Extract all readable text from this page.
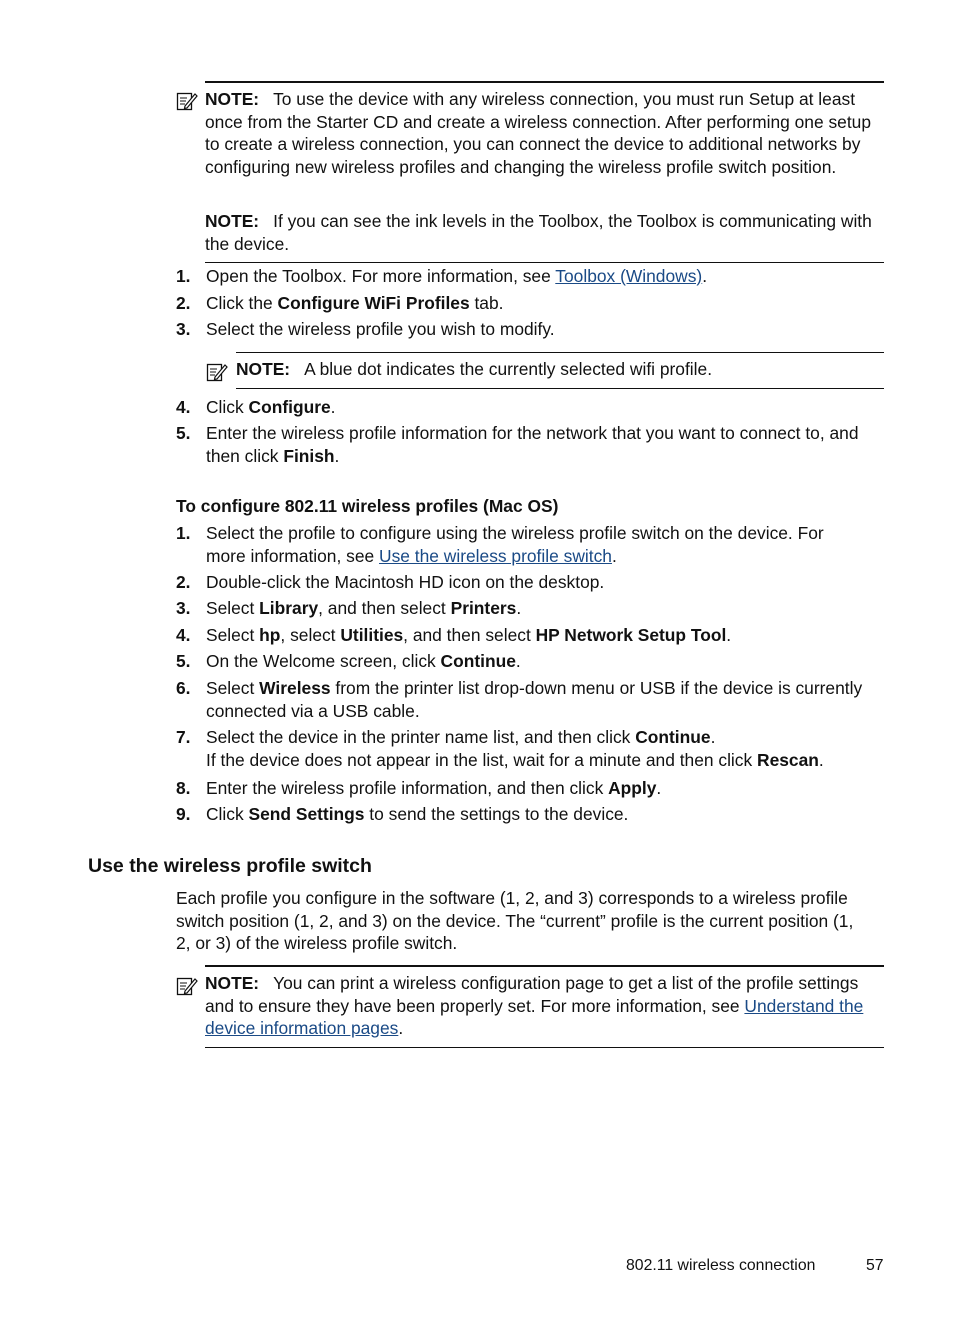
NOTE: To use the device with any wireless connection, you must run Setup at least once from the Starter CD and create a wireless connection. After performing one setup to create a wireless connection, you can connect the device to additional networks by configuring new wireless profiles and changing the wireless profile switch position.

NOTE: If you can see the ink levels in the Toolbox, the Toolbox is communicating with the device.

1. Open the Toolbox. For more information, see Toolbox (Windows).
2. Click the Configure WiFi Profiles tab.
3. Select the wireless profile you wish to modify.

NOTE: A blue dot indicates the currently selected wifi profile.

4. Click Configure.
5. Enter the wireless profile information for the network that you want to connect to, and then click Finish.
To configure 802.11 wireless profiles (Mac OS)
1. Select the profile to configure using the wireless profile switch on the device. For more information, see Use the wireless profile switch.
2. Double-click the Macintosh HD icon on the desktop.
3. Select Library, and then select Printers.
4. Select hp, select Utilities, and then select HP Network Setup Tool.
5. On the Welcome screen, click Continue.
6. Select Wireless from the printer list drop-down menu or USB if the device is currently connected via a USB cable.
7. Select the device in the printer name list, and then click Continue.
If the device does not appear in the list, wait for a minute and then click Rescan.
8. Enter the wireless profile information, and then click Apply.
9. Click Send Settings to send the settings to the device.
Use the wireless profile switch
Each profile you configure in the software (1, 2, and 3) corresponds to a wireless profile switch position (1, 2, and 3) on the device. The “current” profile is the current position (1, 2, or 3) of the wireless profile switch.

NOTE: You can print a wireless configuration page to get a list of the profile settings and to ensure they have been properly set. For more information, see Understand the device information pages.

802.11 wireless connection	57
